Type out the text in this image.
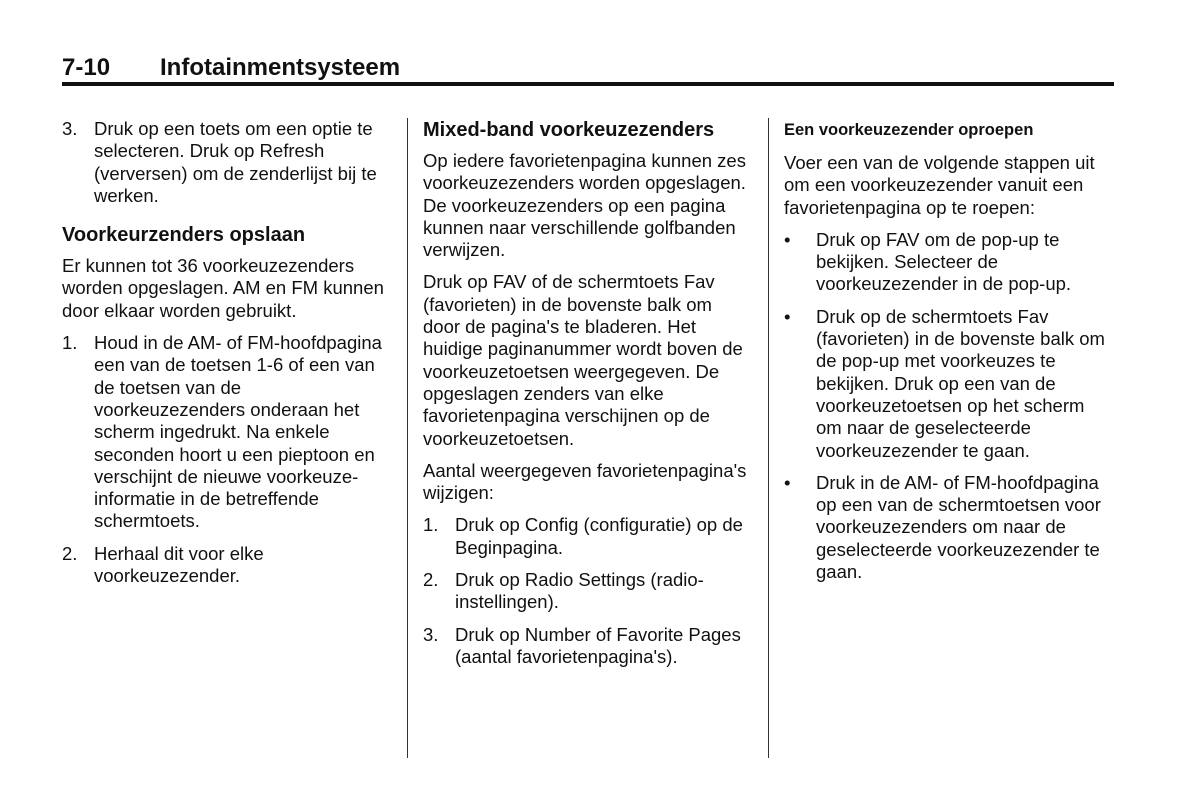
7-10 Infotainmentsysteem
3. Druk op een toets om een optie te selecteren. Druk op Refresh (verversen) om de zenderlijst bij te werken.
Voorkeurzenders opslaan

Er kunnen tot 36 voorkeuzezenders worden opgeslagen. AM en FM kunnen door elkaar worden gebruikt.

1. Houd in de AM- of FM-hoofdpagina een van de toetsen 1-6 of een van de toetsen van de voorkeuzezenders onderaan het scherm ingedrukt. Na enkele seconden hoort u een pieptoon en verschijnt de nieuwe voorkeuze-informatie in de betreffende schermtoets.
2. Herhaal dit voor elke voorkeuzezender.
Mixed-band voorkeuzezenders

Op iedere favorietenpagina kunnen zes voorkeuzezenders worden opgeslagen. De voorkeuzezenders op een pagina kunnen naar verschillende golfbanden verwijzen.

Druk op FAV of de schermtoets Fav (favorieten) in de bovenste balk om door de pagina's te bladeren. Het huidige paginanummer wordt boven de voorkeuzetoetsen weergegeven. De opgeslagen zenders van elke favorietenpagina verschijnen op de voorkeuzetoetsen.

Aantal weergegeven favorietenpagina's wijzigen:

1. Druk op Config (configuratie) op de Beginpagina.
2. Druk op Radio Settings (radio-instellingen).
3. Druk op Number of Favorite Pages (aantal favorietenpagina's).
Een voorkeuzezender oproepen

Voer een van de volgende stappen uit om een voorkeuzezender vanuit een favorietenpagina op te roepen:

• Druk op FAV om de pop-up te bekijken. Selecteer de voorkeuzezender in de pop-up.
• Druk op de schermtoets Fav (favorieten) in de bovenste balk om de pop-up met voorkeuzes te bekijken. Druk op een van de voorkeuzetoetsen op het scherm om naar de geselecteerde voorkeuzezender te gaan.
• Druk in de AM- of FM-hoofdpagina op een van de schermtoetsen voor voorkeuzezenders om naar de geselecteerde voorkeuzezender te gaan.
